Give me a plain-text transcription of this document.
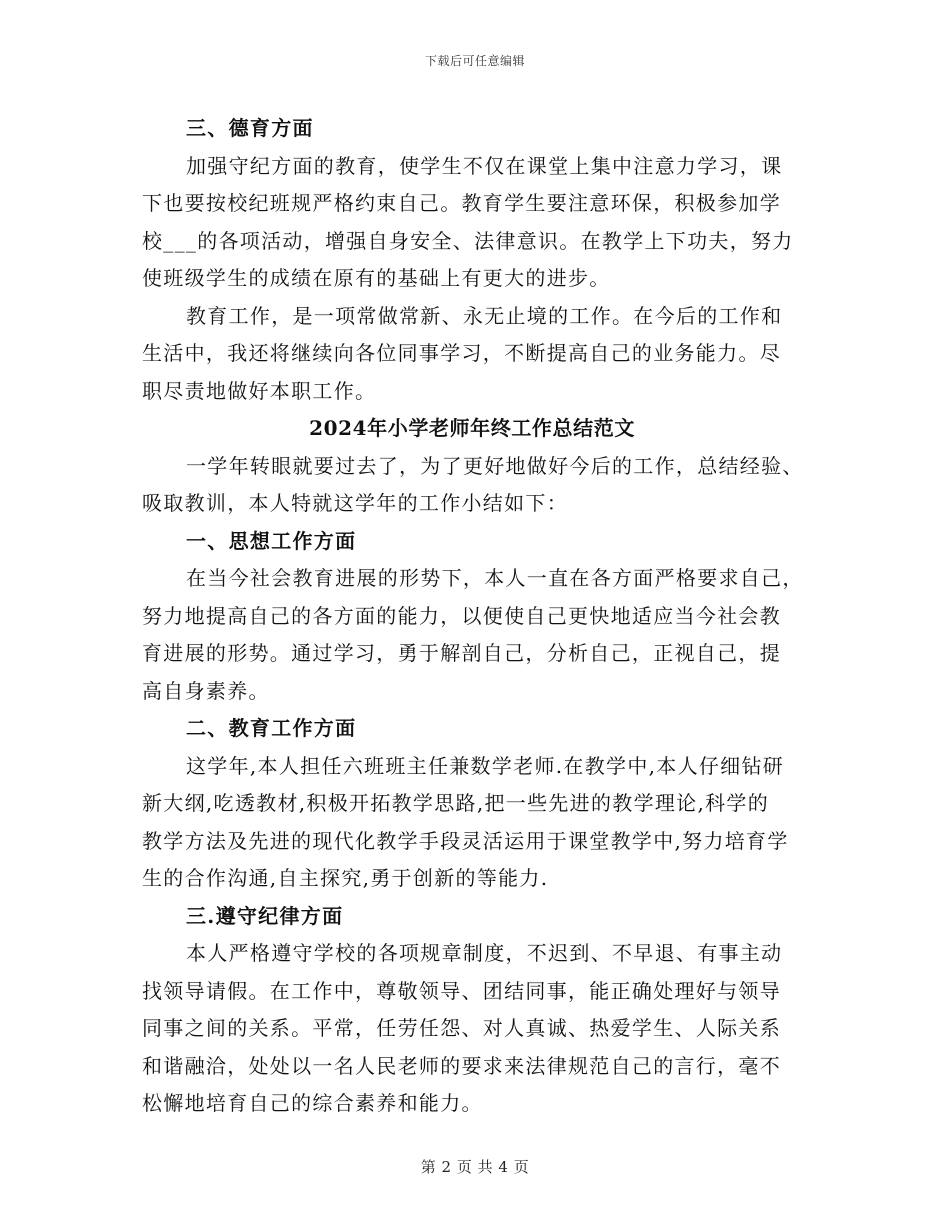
下载后可任意编辑
三、德育方面
加强守纪方面的教育，使学生不仅在课堂上集中注意力学习，课
下也要按校纪班规严格约束自己。教育学生要注意环保，积极参加学
校___的各项活动，增强自身安全、法律意识。在教学上下功夫，努力
使班级学生的成绩在原有的基础上有更大的进步。
教育工作，是一项常做常新、永无止境的工作。在今后的工作和
生活中，我还将继续向各位同事学习，不断提高自己的业务能力。尽
职尽责地做好本职工作。
2024年小学老师年终工作总结范文
一学年转眼就要过去了，为了更好地做好今后的工作，总结经验、
吸取教训，本人特就这学年的工作小结如下：
一、思想工作方面
在当今社会教育进展的形势下，本人一直在各方面严格要求自己，
努力地提高自己的各方面的能力，以便使自己更快地适应当今社会教
育进展的形势。通过学习，勇于解剖自己，分析自己，正视自己，提
高自身素养。
二、教育工作方面
这学年,本人担任六班班主任兼数学老师.在教学中,本人仔细钻研
新大纲,吃透教材,积极开拓教学思路,把一些先进的教学理论,科学的
教学方法及先进的现代化教学手段灵活运用于课堂教学中,努力培育学
生的合作沟通,自主探究,勇于创新的等能力.
三.遵守纪律方面
本人严格遵守学校的各项规章制度，不迟到、不早退、有事主动
找领导请假。在工作中，尊敬领导、团结同事，能正确处理好与领导
同事之间的关系。平常，任劳任怨、对人真诚、热爱学生、人际关系
和谐融洽，处处以一名人民老师的要求来法律规范自己的言行，毫不
松懈地培育自己的综合素养和能力。
第 2 页 共 4 页
